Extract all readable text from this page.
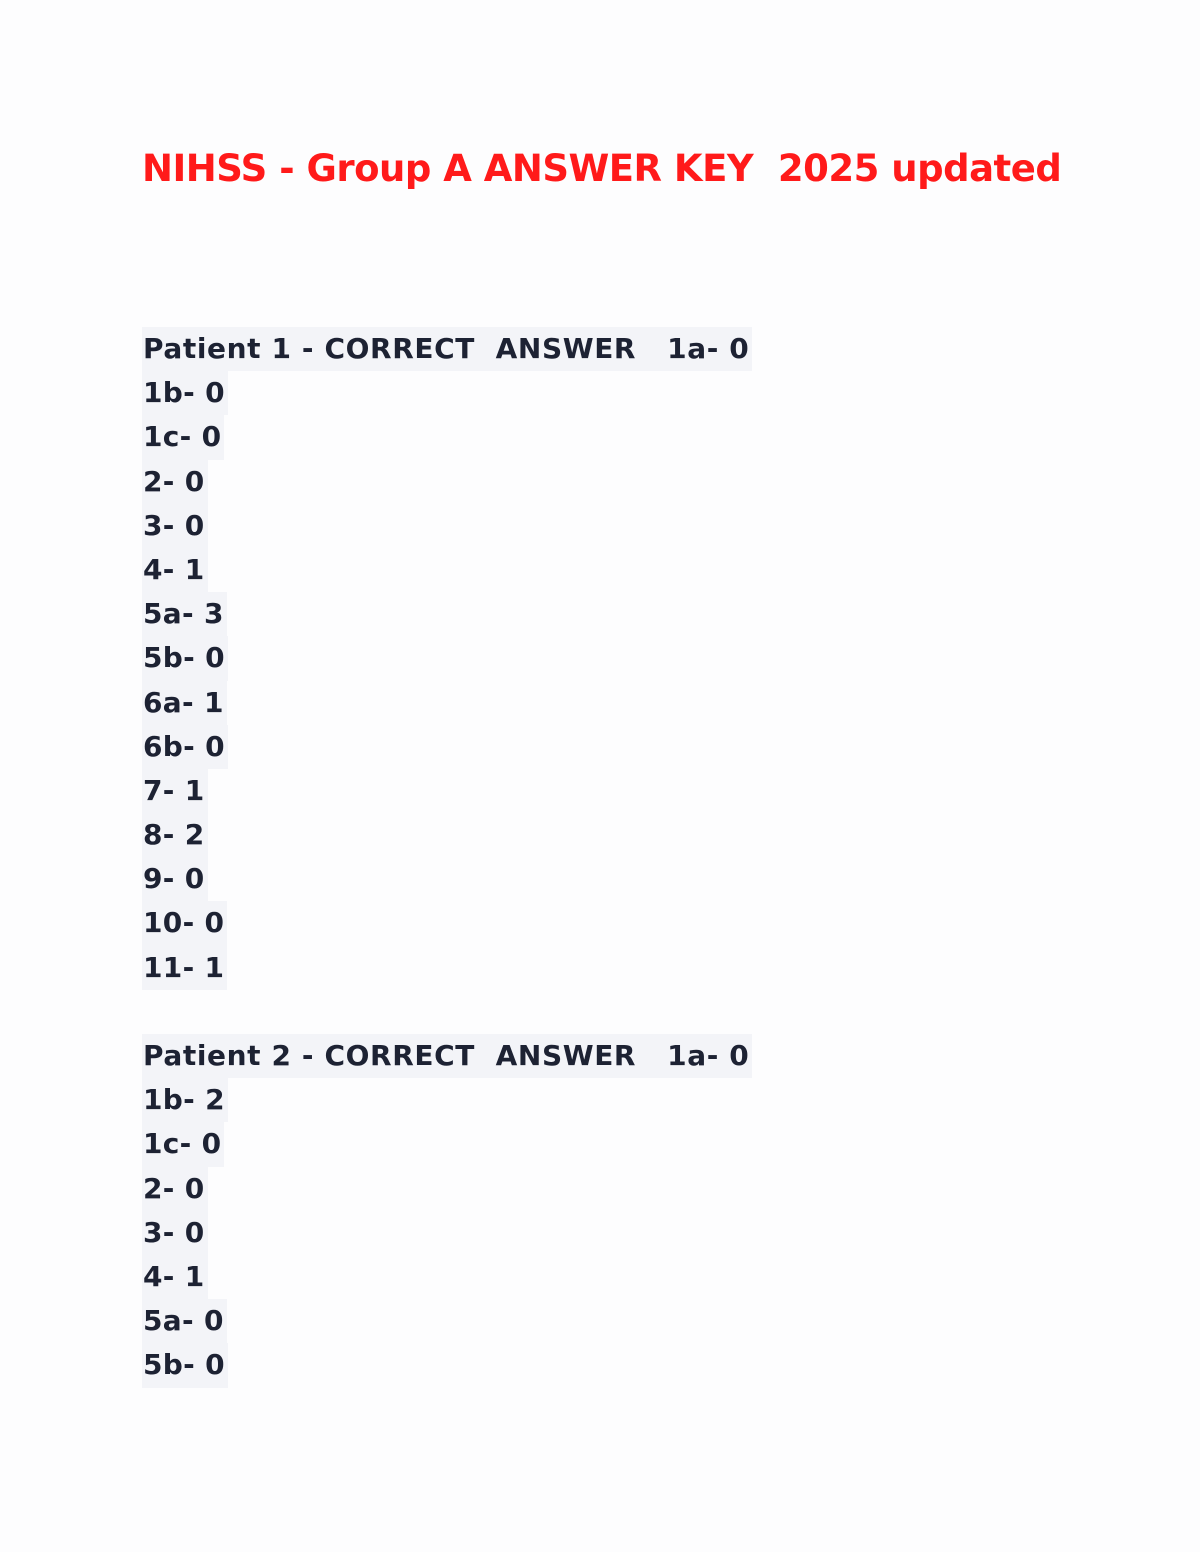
NIHSS - Group A ANSWER KEY  2025 updated
Patient 1 - CORRECT  ANSWER   1a- 0
1b- 0
1c- 0
2- 0
3- 0
4- 1
5a- 3
5b- 0
6a- 1
6b- 0
7- 1
8- 2
9- 0
10- 0
11- 1
Patient 2 - CORRECT  ANSWER   1a- 0
1b- 2
1c- 0
2- 0
3- 0
4- 1
5a- 0
5b- 0
